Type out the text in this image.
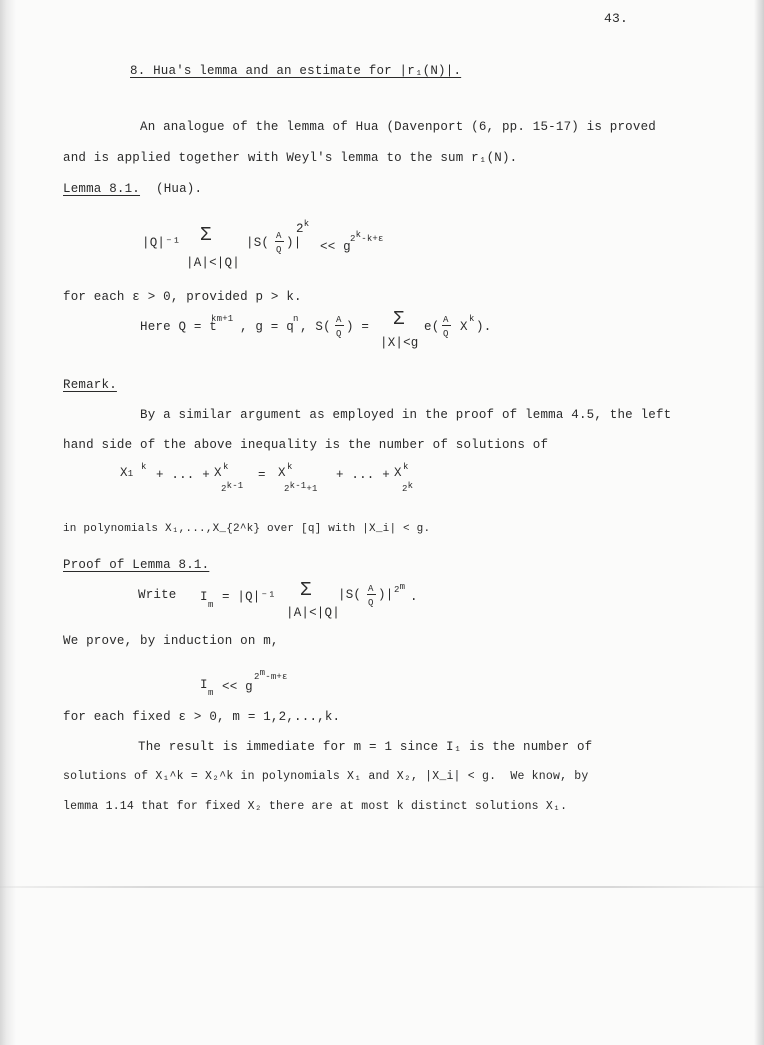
43.
8. Hua's lemma and an estimate for |r₁(N)|.
An analogue of the lemma of Hua (Davenport (6, pp. 15-17) is proved
and is applied together with Weyl's lemma to the sum r₁(N).
Lemma 8.1. (Hua).
|Q|⁻¹ Σ
|A|<|Q|
|S( A
Q )|
$2^k$
<< g
2k-k+ε
for each ε > 0, provided p > k.
Here Q = t
km+1
, g = q
n
, S( A
Q ) = Σ
|X|<g
e( A
Q X
k
).
Remark.
By a similar argument as employed in the proof of lemma 4.5, the left
hand side of the above inequality is the number of solutions of
X1
k
+ ... + X k
2k-1
= X k
2k-1+1
+ ... + X k
2k
in polynomials X₁,...,X_{2^k} over [q] with |X_i| < g.
Proof of Lemma 8.1.
Write I
m
= |Q|⁻¹ Σ
|A|<|Q|
|S( A
Q
)| 2m
.
We prove, by induction on m,
I
m << g
2m-m+ε
for each fixed ε > 0, m = 1,2,...,k.
The result is immediate for m = 1 since I₁ is the number of
solutions of X₁^k = X₂^k in polynomials X₁ and X₂, |X_i| < g.  We know, by
lemma 1.14 that for fixed X₂ there are at most k distinct solutions X₁.
